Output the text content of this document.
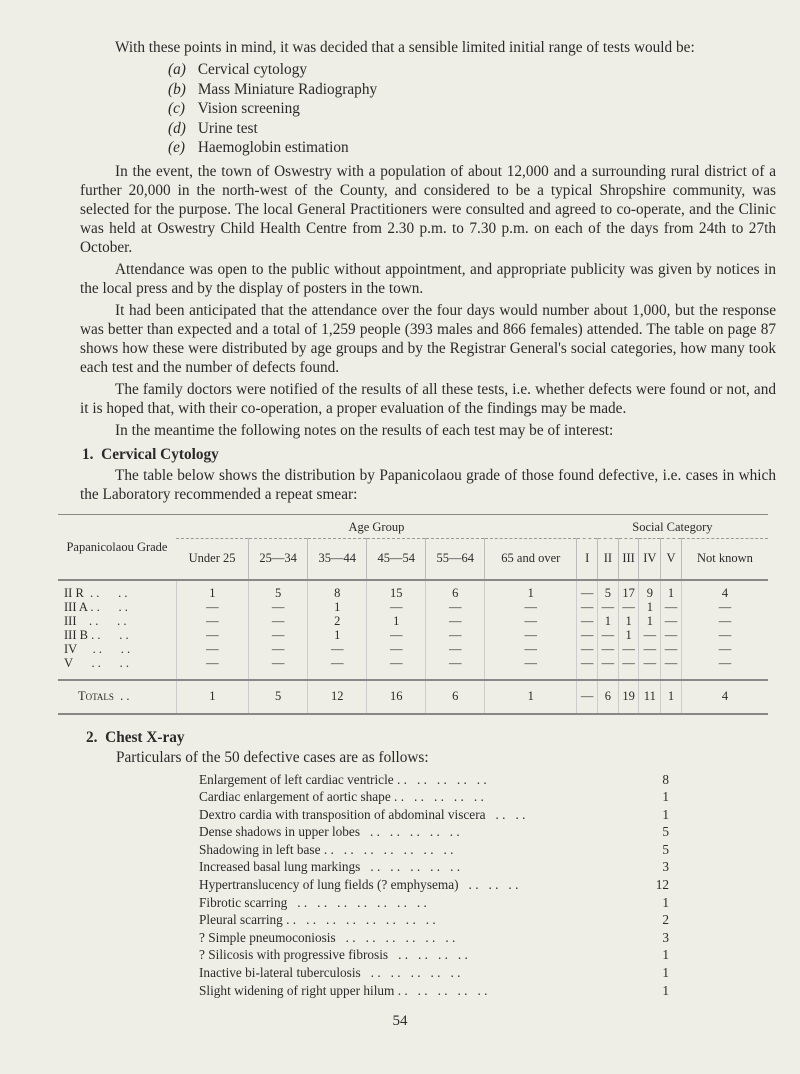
With these points in mind, it was decided that a sensible limited initial range of tests would be:

(a) Cervical cytology
(b) Mass Miniature Radiography
(c) Vision screening
(d) Urine test
(e) Haemoglobin estimation

In the event, the town of Oswestry with a population of about 12,000 and a surrounding rural district of a further 20,000 in the north-west of the County, and considered to be a typical Shropshire community, was selected for the purpose. The local General Practitioners were consulted and agreed to co-operate, and the Clinic was held at Oswestry Child Health Centre from 2.30 p.m. to 7.30 p.m. on each of the days from 24th to 27th October.

Attendance was open to the public without appointment, and appropriate publicity was given by notices in the local press and by the display of posters in the town.

It had been anticipated that the attendance over the four days would number about 1,000, but the response was better than expected and a total of 1,259 people (393 males and 866 females) attended. The table on page 87 shows how these were distributed by age groups and by the Registrar General's social categories, how many took each test and the number of defects found.

The family doctors were notified of the results of all these tests, i.e. whether defects were found or not, and it is hoped that, with their co-operation, a proper evaluation of the findings may be made.

In the meantime the following notes on the results of each test may be of interest:

1. Cervical Cytology

The table below shows the distribution by Papanicolaou grade of those found defective, i.e. cases in which the Laboratory recommended a repeat smear:

Papanicolaou Grade	Age Group						Social Category					
	Under 25	25—34	35—44	45—54	55—64	65 and over	I	II	III	IV	V	Not known
II R  . .      . .	1	5	8	15	6	1	—	5	17	9	1	4
III A . .      . .	—	—	1	—	—	—	—	—	—	1	—	—
III    . .      . .	—	—	2	1	—	—	—	1	1	1	—	—
III B . .      . .	—	—	1	—	—	—	—	—	1	—	—	—
IV     . .      . .	—	—	—	—	—	—	—	—	—	—	—	—
V      . .      . .	—	—	—	—	—	—	—	—	—	—	—	—
Totals  . .	1	5	12	16	6	1	—	6	19	11	1	4
2. Chest X-ray
Particulars of the 50 defective cases are as follows:
Enlargement of left cardiac ventricle . .   . .   . .   . .   . .	8
Cardiac enlargement of aortic shape . .   . .   . .   . .   . .	1
Dextro cardia with transposition of abdominal viscera   . .   . .	1
Dense shadows in upper lobes   . .   . .   . .   . .   . .	5
Shadowing in left base . .   . .   . .   . .   . .   . .   . .	5
Increased basal lung markings   . .   . .   . .   . .   . .	3
Hypertranslucency of lung fields (? emphysema)   . .   . .   . .	12
Fibrotic scarring   . .   . .   . .   . .   . .   . .   . .	1
Pleural scarring . .   . .   . .   . .   . .   . .   . .   . .	2
? Simple pneumoconiosis   . .   . .   . .   . .   . .   . .	3
? Silicosis with progressive fibrosis   . .   . .   . .   . .	1
Inactive bi-lateral tuberculosis   . .   . .   . .   . .   . .	1
Slight widening of right upper hilum . .   . .   . .   . .   . .	1
54
